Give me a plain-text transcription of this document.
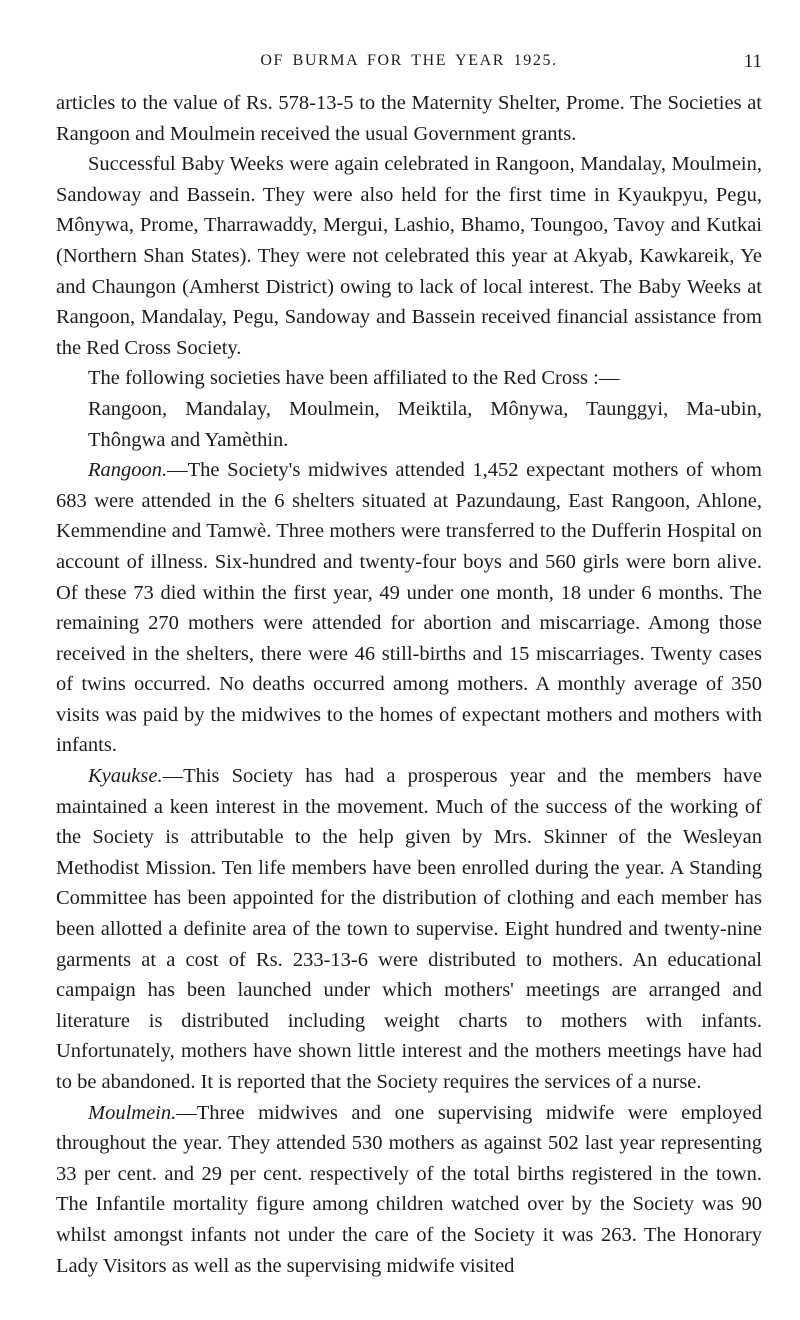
OF BURMA FOR THE YEAR 1925.	11

articles to the value of Rs. 578-13-5 to the Maternity Shelter, Prome. The Societies at Rangoon and Moulmein received the usual Government grants.

Successful Baby Weeks were again celebrated in Rangoon, Mandalay, Moulmein, Sandoway and Bassein. They were also held for the first time in Kyaukpyu, Pegu, Mônywa, Prome, Tharrawaddy, Mergui, Lashio, Bhamo, Toungoo, Tavoy and Kutkai (Northern Shan States). They were not celebrated this year at Akyab, Kawkareik, Ye and Chaungon (Amherst District) owing to lack of local interest. The Baby Weeks at Rangoon, Mandalay, Pegu, Sandoway and Bassein received financial assistance from the Red Cross Society.

The following societies have been affiliated to the Red Cross :—

Rangoon, Mandalay, Moulmein, Meiktila, Mônywa, Taunggyi, Ma-ubin, Thôngwa and Yamèthin.

Rangoon.—The Society's midwives attended 1,452 expectant mothers of whom 683 were attended in the 6 shelters situated at Pazundaung, East Rangoon, Ahlone, Kemmendine and Tamwè. Three mothers were transferred to the Dufferin Hospital on account of illness. Six-hundred and twenty-four boys and 560 girls were born alive. Of these 73 died within the first year, 49 under one month, 18 under 6 months. The remaining 270 mothers were attended for abortion and miscarriage. Among those received in the shelters, there were 46 still-births and 15 miscarriages. Twenty cases of twins occurred. No deaths occurred among mothers. A monthly average of 350 visits was paid by the midwives to the homes of expectant mothers and mothers with infants.

Kyaukse.—This Society has had a prosperous year and the members have maintained a keen interest in the movement. Much of the success of the working of the Society is attributable to the help given by Mrs. Skinner of the Wesleyan Methodist Mission. Ten life members have been enrolled during the year. A Standing Committee has been appointed for the distribution of clothing and each member has been allotted a definite area of the town to supervise. Eight hundred and twenty-nine garments at a cost of Rs. 233-13-6 were distributed to mothers. An educational campaign has been launched under which mothers' meetings are arranged and literature is distributed including weight charts to mothers with infants. Unfortunately, mothers have shown little interest and the mothers meetings have had to be abandoned. It is reported that the Society requires the services of a nurse.

Moulmein.—Three midwives and one supervising midwife were employed throughout the year. They attended 530 mothers as against 502 last year representing 33 per cent. and 29 per cent. respectively of the total births registered in the town. The Infantile mortality figure among children watched over by the Society was 90 whilst amongst infants not under the care of the Society it was 263. The Honorary Lady Visitors as well as the supervising midwife visited
